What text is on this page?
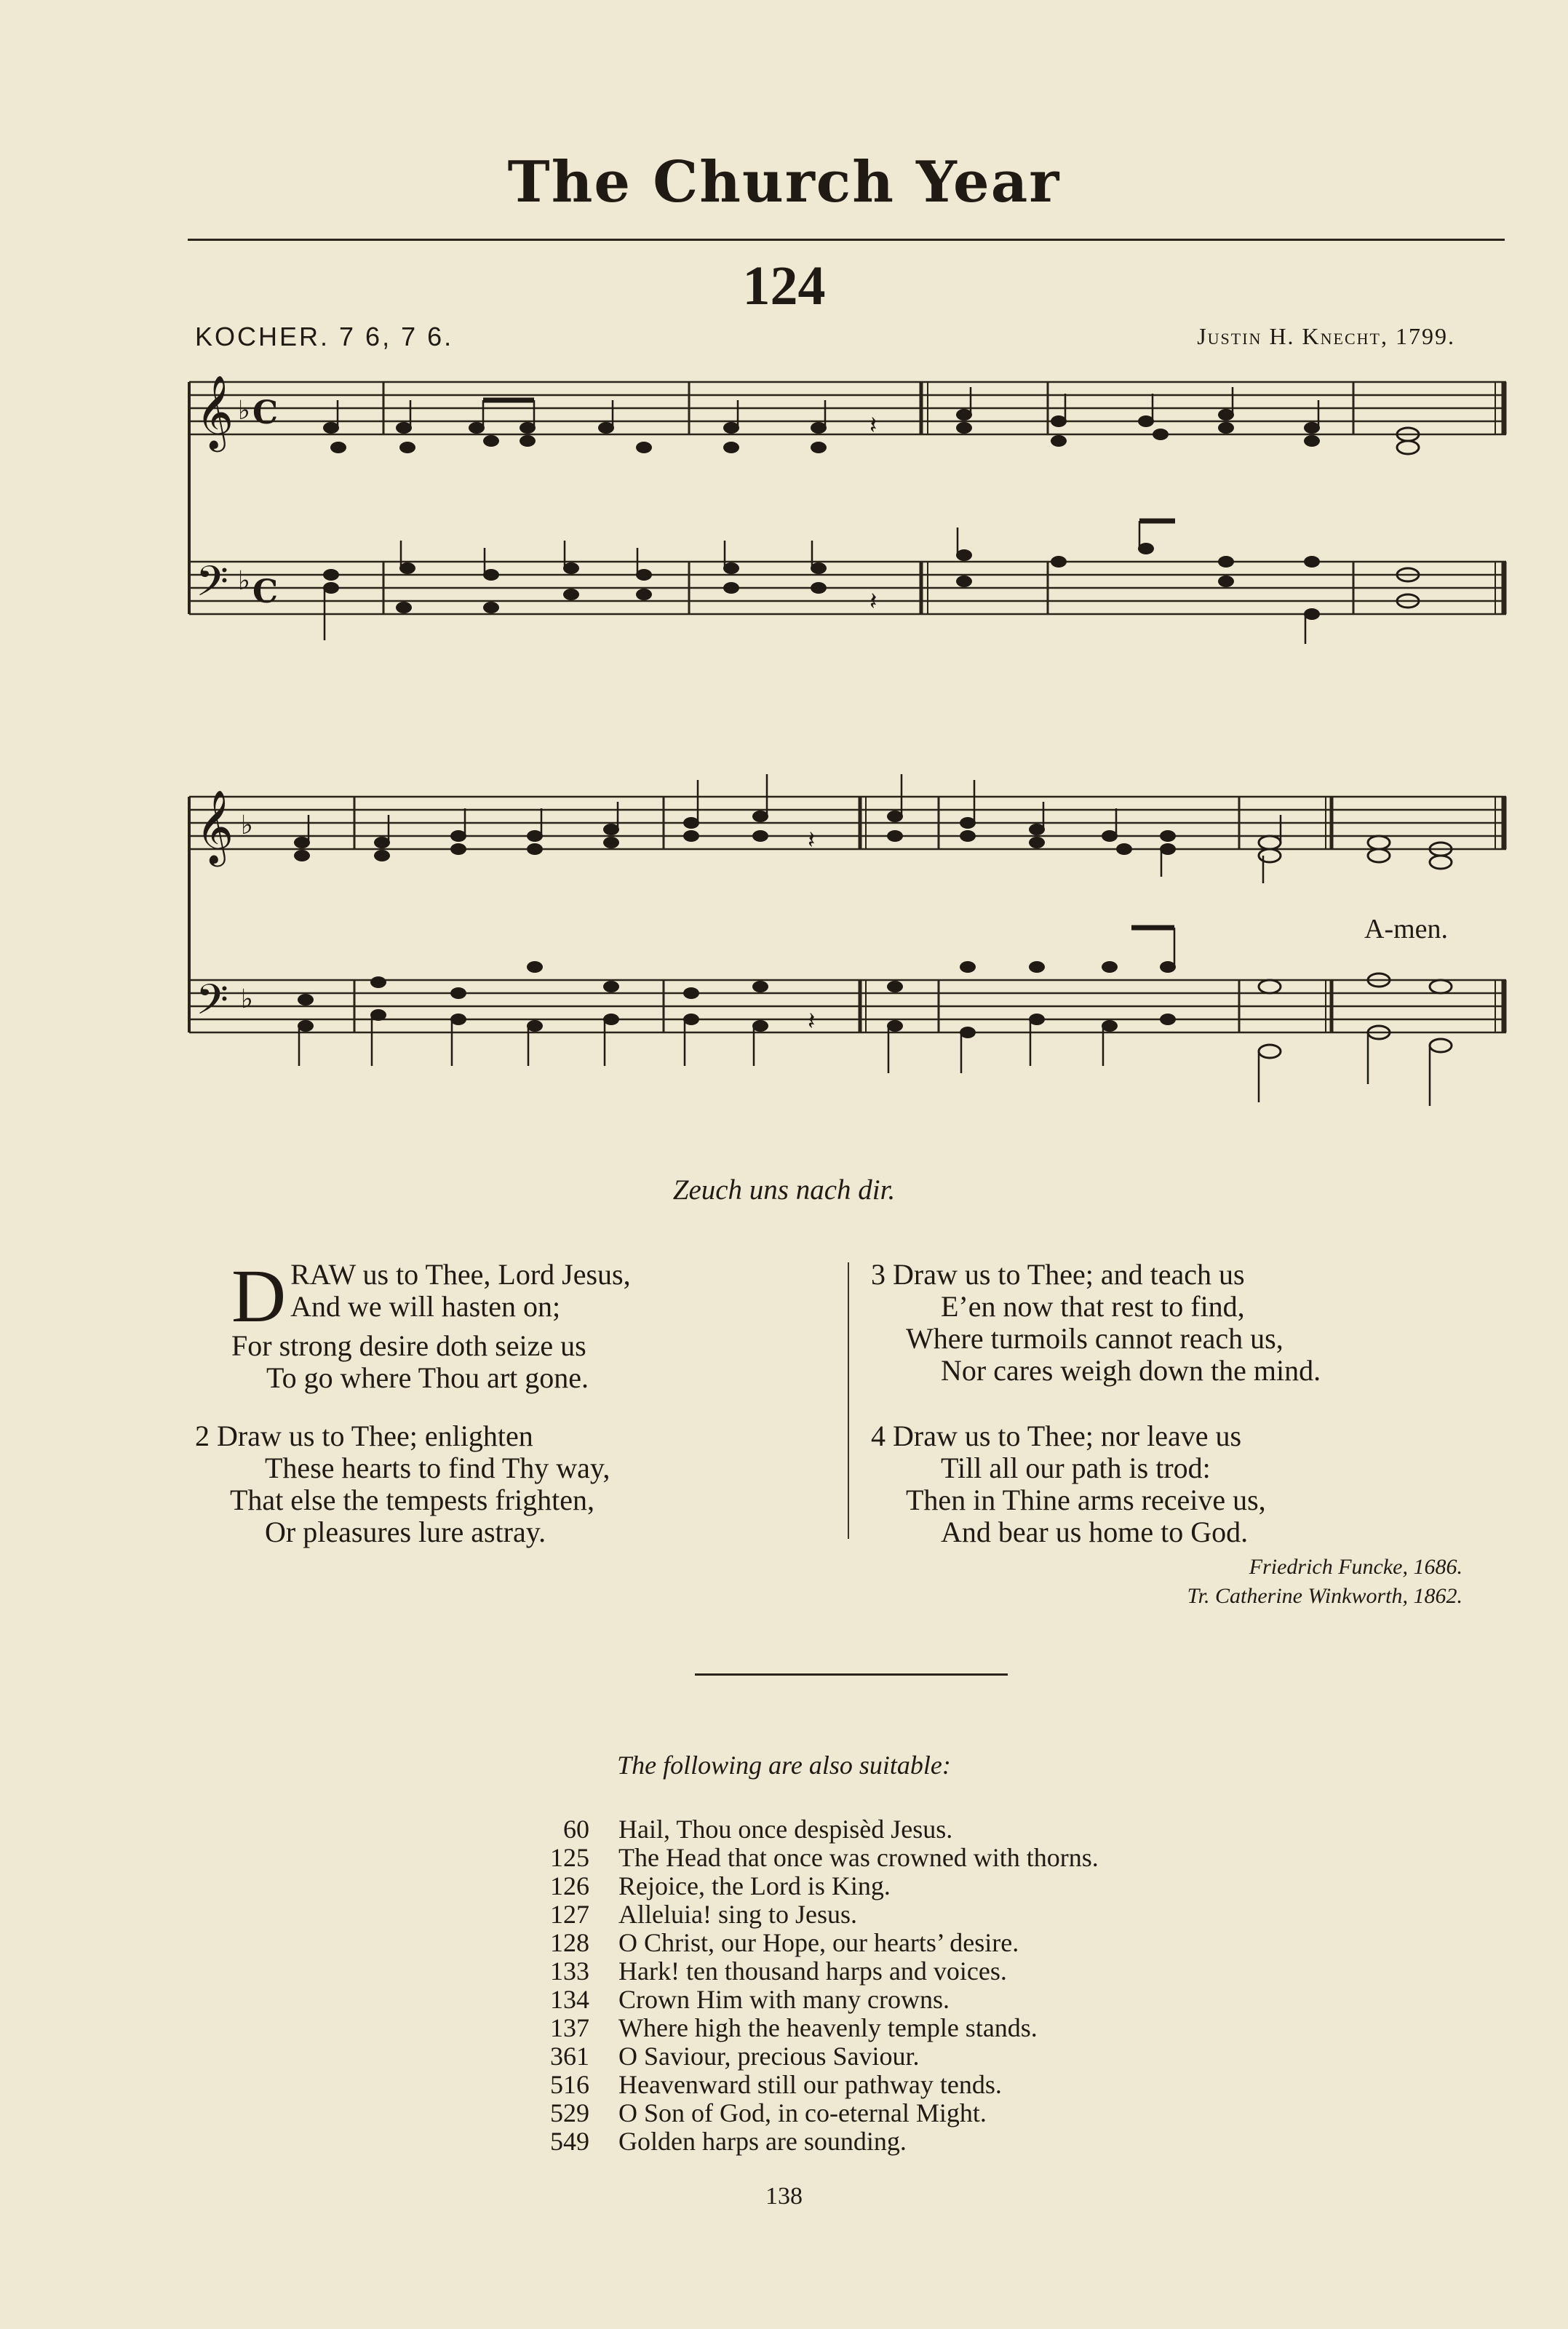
The Church Year
124
KOCHER. 7 6, 7 6.	Justin H. Knecht, 1799.
𝄞 ♭ C
𝄢 ♭ C
𝄽
𝄽
𝄞 ♭
𝄢 ♭
𝄽
𝄽
A-men.
Zeuch uns nach dir.
D RAW us to Thee, Lord Jesus,
And we will hasten on;
For strong desire doth seize us
To go where Thou art gone.
2 Draw us to Thee; enlighten
These hearts to find Thy way,
That else the tempests frighten,
Or pleasures lure astray.
3 Draw us to Thee; and teach us
E’en now that rest to find,
Where turmoils cannot reach us,
Nor cares weigh down the mind.
4 Draw us to Thee; nor leave us
Till all our path is trod:
Then in Thine arms receive us,
And bear us home to God.
Friedrich Funcke, 1686.
Tr. Catherine Winkworth, 1862.
The following are also suitable:
60	Hail, Thou once despisèd Jesus.
125	The Head that once was crowned with thorns.
126	Rejoice, the Lord is King.
127	Alleluia! sing to Jesus.
128	O Christ, our Hope, our hearts’ desire.
133	Hark! ten thousand harps and voices.
134	Crown Him with many crowns.
137	Where high the heavenly temple stands.
361	O Saviour, precious Saviour.
516	Heavenward still our pathway tends.
529	O Son of God, in co-eternal Might.
549	Golden harps are sounding.
138
